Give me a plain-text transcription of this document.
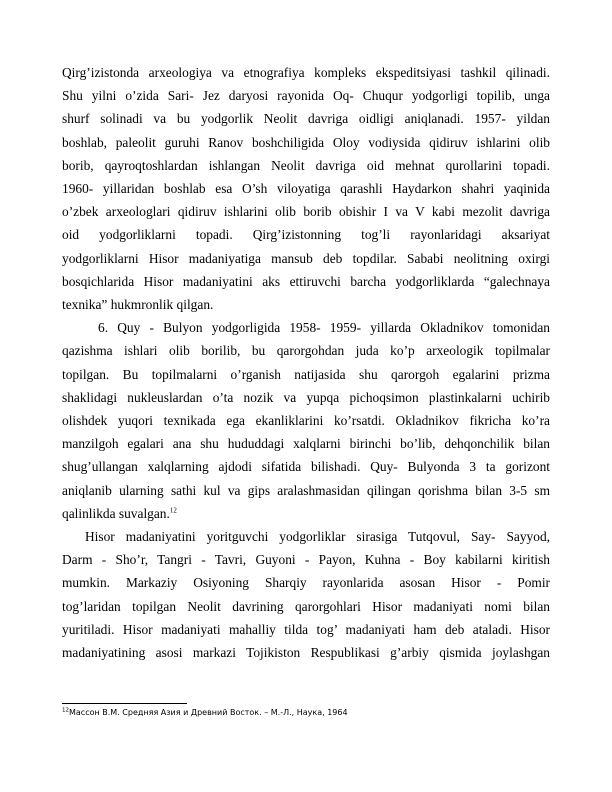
Qirg’izistonda arxeologiya va etnografiya kompleks ekspeditsiyasi tashkil qilinadi.
Shu yilni o’zida Sari- Jez daryosi rayonida Oq- Chuqur yodgorligi topilib, unga
shurf solinadi va bu yodgorlik Neolit davriga oidligi aniqlanadi. 1957- yildan
boshlab, paleolit guruhi Ranov boshchiligida Oloy vodiysida qidiruv ishlarini olib
borib, qayroqtoshlardan ishlangan Neolit davriga oid mehnat qurollarini topadi.
1960- yillaridan boshlab esa O’sh viloyatiga qarashli Haydarkon shahri yaqinida
o’zbek arxeologlari qidiruv ishlarini olib borib obishir I va V kabi mezolit davriga
oid yodgorliklarni topadi. Qirg’izistonning tog’li rayonlaridagi aksariyat
yodgorliklarni Hisor madaniyatiga mansub deb topdilar. Sababi neolitning oxirgi
bosqichlarida Hisor madaniyatini aks ettiruvchi barcha yodgorliklarda “galechnaya
texnika” hukmronlik qilgan.

6. Quy - Bulyon yodgorligida 1958- 1959- yillarda Okladnikov tomonidan
qazishma ishlari olib borilib, bu qarorgohdan juda ko’p arxeologik topilmalar
topilgan. Bu topilmalarni o’rganish natijasida shu qarorgoh egalarini prizma
shaklidagi nukleuslardan o’ta nozik va yupqa pichoqsimon plastinkalarni uchirib
olishdek yuqori texnikada ega ekanliklarini ko’rsatdi. Okladnikov fikricha ko’ra
manzilgoh egalari ana shu hududdagi xalqlarni birinchi bo’lib, dehqonchilik bilan
shug’ullangan xalqlarning ajdodi sifatida bilishadi. Quy- Bulyonda 3 ta gorizont
aniqlanib ularning sathi kul va gips aralashmasidan qilingan qorishma bilan 3-5 sm
qalinlikda suvalgan.$^{12}$

Hisor madaniyatini yoritguvchi yodgorliklar sirasiga Tutqovul, Say- Sayyod,
Darm - Sho’r, Tangri - Tavri, Guyoni - Payon, Kuhna - Boy kabilarni kiritish
mumkin. Markaziy Osiyoning Sharqiy rayonlarida asosan Hisor - Pomir
tog’laridan topilgan Neolit davrining qarorgohlari Hisor madaniyati nomi bilan
yuritiladi. Hisor madaniyati mahalliy tilda tog’ madaniyati ham deb ataladi. Hisor
madaniyatining asosi markazi Tojikiston Respublikasi g’arbiy qismida joylashgan

$^{12}$Массон В.М. Средняя Азия и Древний Восток. – М.-Л., Наука, 1964
